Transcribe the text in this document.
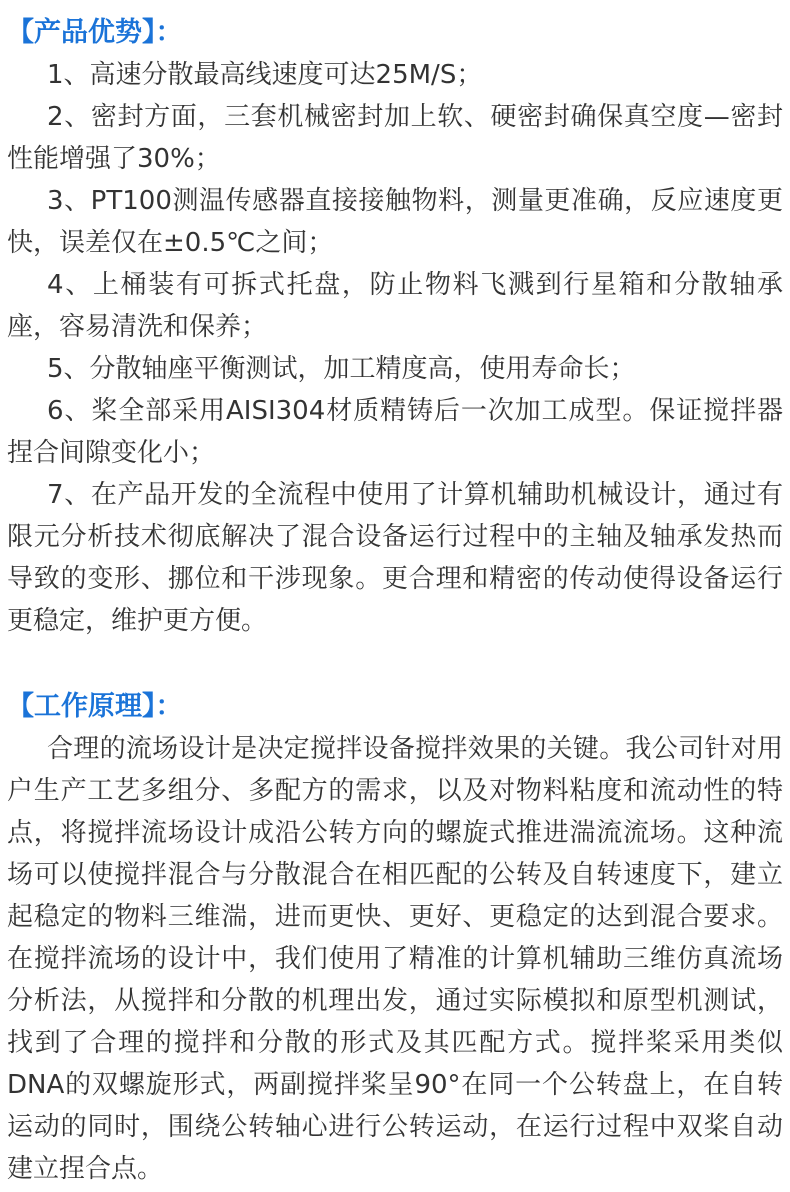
【产品优势】：

1、高速分散最高线速度可达25M/S；

2、密封方面，三套机械密封加上软、硬密封确保真空度—密封性能增强了30%；

3、PT100测温传感器直接接触物料，测量更准确，反应速度更快，误差仅在±0.5℃之间；

4、上桶装有可拆式托盘，防止物料飞溅到行星箱和分散轴承座，容易清洗和保养；

5、分散轴座平衡测试，加工精度高，使用寿命长；

6、桨全部采用AISI304材质精铸后一次加工成型。保证搅拌器捏合间隙变化小；

7、在产品开发的全流程中使用了计算机辅助机械设计，通过有限元分析技术彻底解决了混合设备运行过程中的主轴及轴承发热而导致的变形、挪位和干涉现象。更合理和精密的传动使得设备运行更稳定，维护更方便。

【工作原理】：

合理的流场设计是决定搅拌设备搅拌效果的关键。我公司针对用户生产工艺多组分、多配方的需求，以及对物料粘度和流动性的特点，将搅拌流场设计成沿公转方向的螺旋式推进湍流流场。这种流场可以使搅拌混合与分散混合在相匹配的公转及自转速度下，建立起稳定的物料三维湍，进而更快、更好、更稳定的达到混合要求。在搅拌流场的设计中，我们使用了精准的计算机辅助三维仿真流场分析法，从搅拌和分散的机理出发，通过实际模拟和原型机测试，找到了合理的搅拌和分散的形式及其匹配方式。搅拌桨采用类似DNA的双螺旋形式，两副搅拌桨呈90°在同一个公转盘上，在自转运动的同时，围绕公转轴心进行公转运动，在运行过程中双桨自动建立捏合点。
